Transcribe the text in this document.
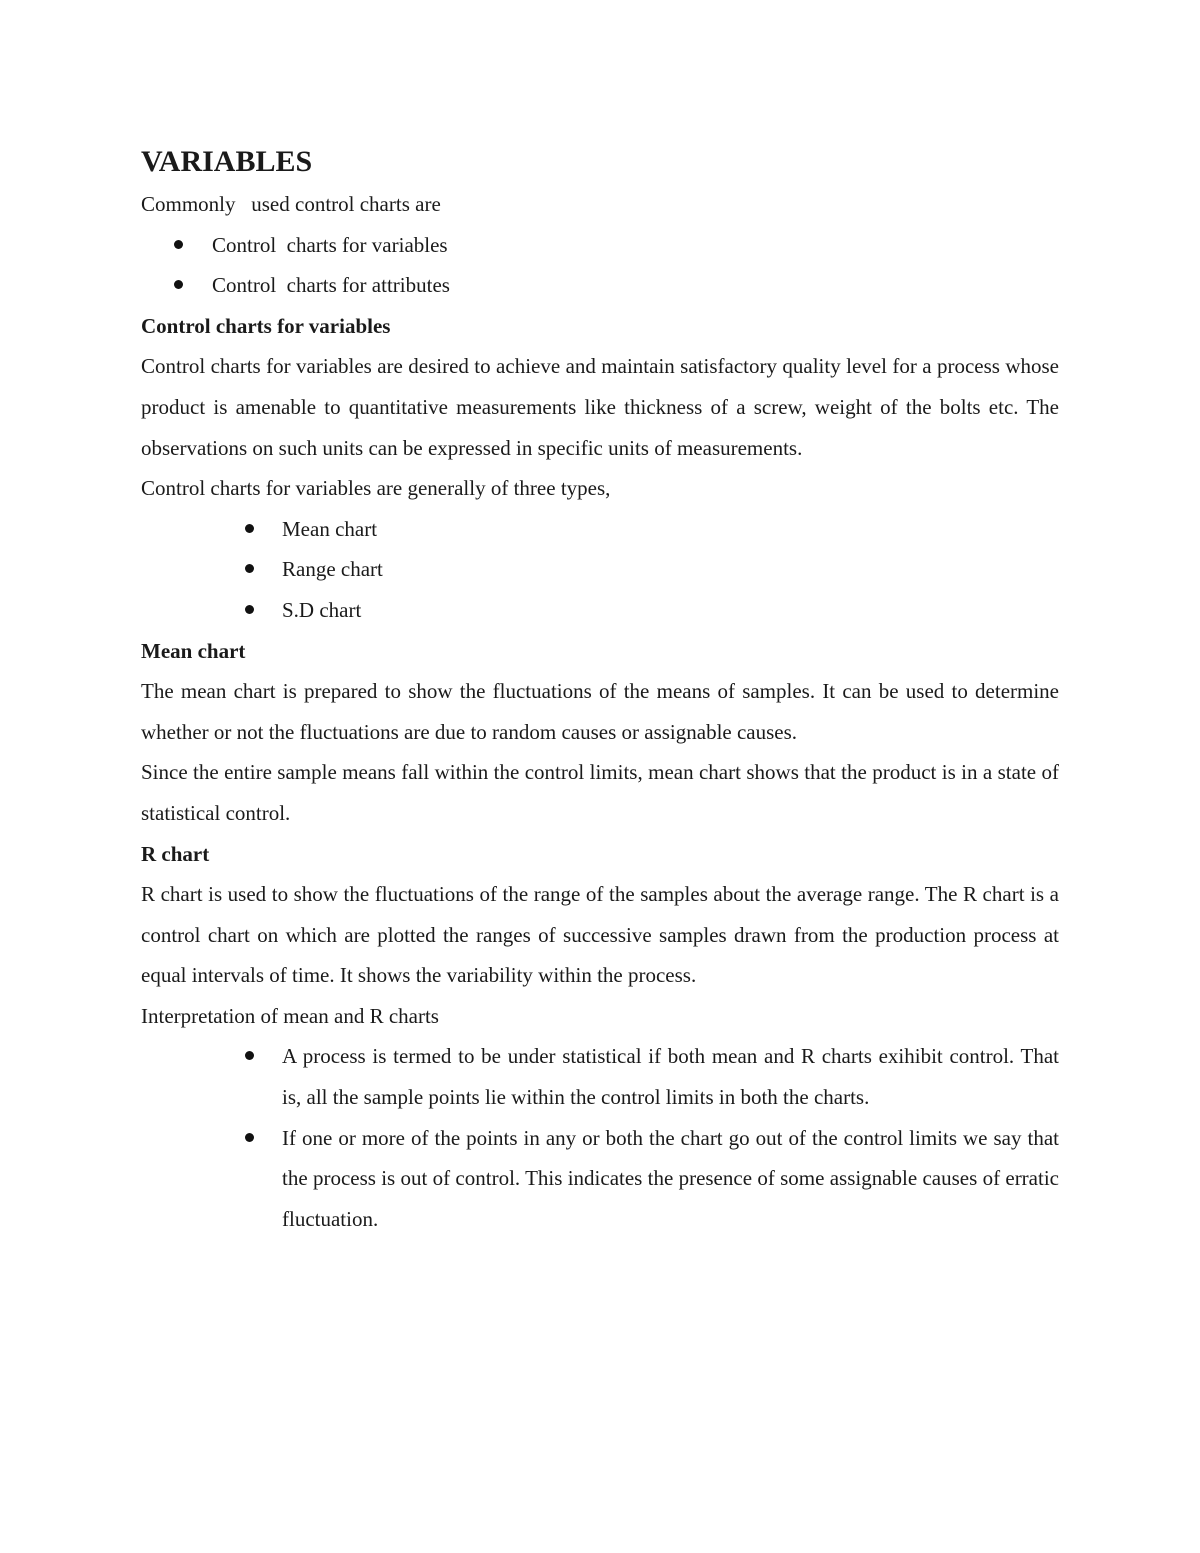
VARIABLES

Commonly   used control charts are

Control  charts for variables
Control  charts for attributes
Control charts for variables

Control charts for variables are desired to achieve and maintain satisfactory quality level for a process whose product is amenable to quantitative measurements like thickness of a screw, weight of the bolts etc. The observations on such units can be expressed in specific units of measurements.

Control charts for variables are generally of three types,

Mean chart
Range chart
S.D chart
Mean chart

The mean chart is prepared to show the fluctuations of the means of samples. It can be used to determine whether or not the fluctuations are due to random causes or assignable causes.

Since the entire sample means fall within the control limits, mean chart shows that the product is in a state of statistical control.

R chart

R chart is used to show the fluctuations of the range of the samples about the average range. The R chart is a control chart on which are plotted the ranges of successive samples drawn from the production process at equal intervals of time. It shows the variability within the process.

Interpretation of mean and R charts

A process is termed to be under statistical if both mean and R charts exihibit control. That is, all the sample points lie within the control limits in both the charts.
If one or more of the points in any or both the chart go out of the control limits we say that the process is out of control. This indicates the presence of some assignable causes of erratic fluctuation.
